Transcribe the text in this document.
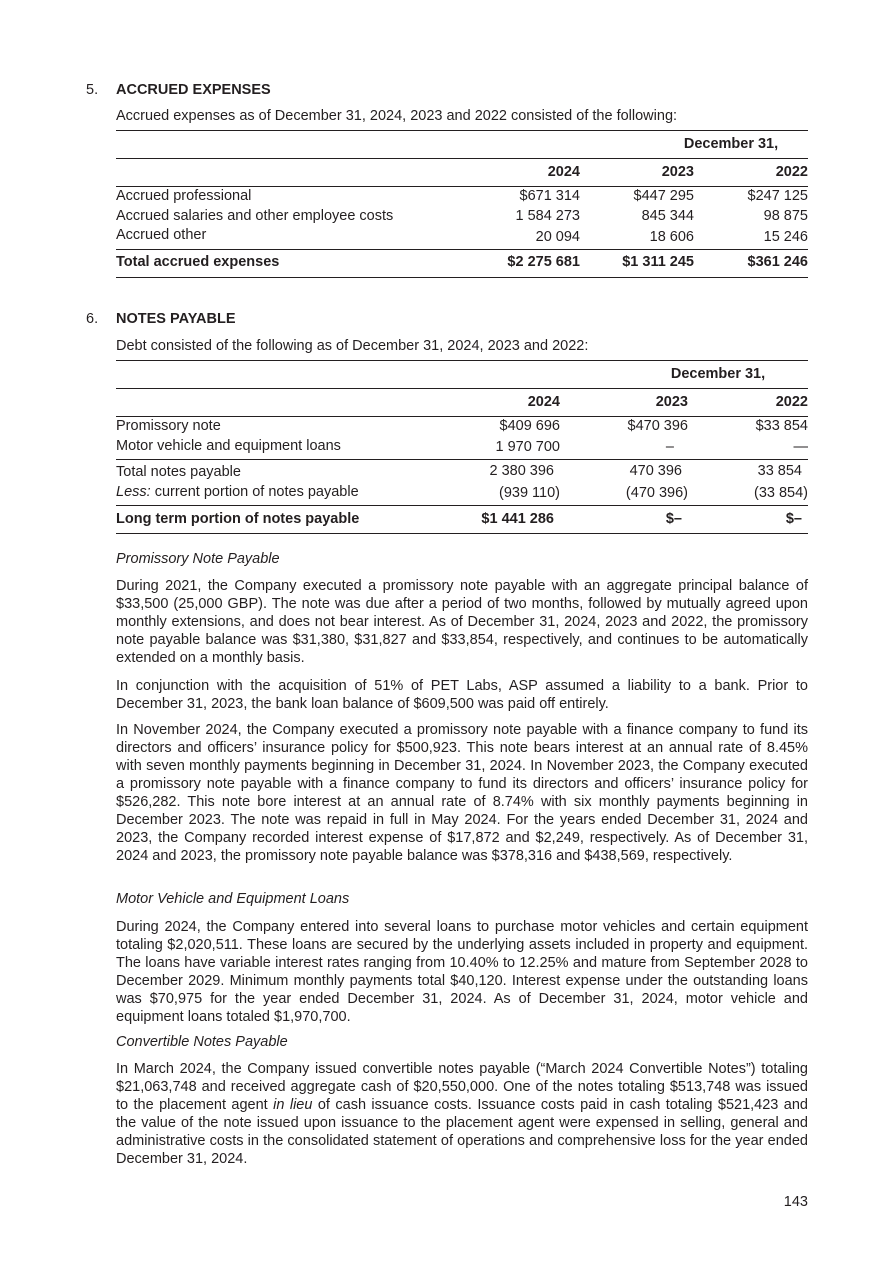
5. ACCRUED EXPENSES
Accrued expenses as of December 31, 2024, 2023 and 2022 consisted of the following:
	December 31,				
	2024		2023		2022
Accrued professional	$671 314		$447 295		$247 125
Accrued salaries and other employee costs	1 584 273		845 344		98 875
Accrued other	20 094		18 606		15 246
Total accrued expenses	$2 275 681		$1 311 245		$361 246
6. NOTES PAYABLE
Debt consisted of the following as of December 31, 2024, 2023 and 2022:
	December 31,				
	2024		2023		2022
Promissory note	$409 696		$470 396		$33 854
Motor vehicle and equipment loans	1 970 700		–		—
Total notes payable	2 380 396		470 396		33 854
Less: current portion of notes payable	(939 110)		(470 396)		(33 854)
Long term portion of notes payable	$1 441 286		$–		$–
Promissory Note Payable

During 2021, the Company executed a promissory note payable with an aggregate principal balance of $33,500 (25,000 GBP). The note was due after a period of two months, followed by mutually agreed upon monthly extensions, and does not bear interest. As of December 31, 2024, 2023 and 2022, the promissory note payable balance was $31,380, $31,827 and $33,854, respectively, and continues to be automatically extended on a monthly basis.

In conjunction with the acquisition of 51% of PET Labs, ASP assumed a liability to a bank. Prior to December 31, 2023, the bank loan balance of $609,500 was paid off entirely.

In November 2024, the Company executed a promissory note payable with a finance company to fund its directors and officers’ insurance policy for $500,923. This note bears interest at an annual rate of 8.45% with seven monthly payments beginning in December 31, 2024. In November 2023, the Company executed a promissory note payable with a finance company to fund its directors and officers’ insurance policy for $526,282. This note bore interest at an annual rate of 8.74% with six monthly payments beginning in December 2023. The note was repaid in full in May 2024. For the years ended December 31, 2024 and 2023, the Company recorded interest expense of $17,872 and $2,249, respectively. As of December 31, 2024 and 2023, the promissory note payable balance was $378,316 and $438,569, respectively.

Motor Vehicle and Equipment Loans

During 2024, the Company entered into several loans to purchase motor vehicles and certain equipment totaling $2,020,511. These loans are secured by the underlying assets included in property and equipment. The loans have variable interest rates ranging from 10.40% to 12.25% and mature from September 2028 to December 2029. Minimum monthly payments total $40,120. Interest expense under the outstanding loans was $70,975 for the year ended December 31, 2024. As of December 31, 2024, motor vehicle and equipment loans totaled $1,970,700.

Convertible Notes Payable

In March 2024, the Company issued convertible notes payable (“March 2024 Convertible Notes”) totaling $21,063,748 and received aggregate cash of $20,550,000. One of the notes totaling $513,748 was issued to the placement agent in lieu of cash issuance costs. Issuance costs paid in cash totaling $521,423 and the value of the note issued upon issuance to the placement agent were expensed in selling, general and administrative costs in the consolidated statement of operations and comprehensive loss for the year ended December 31, 2024.

143
